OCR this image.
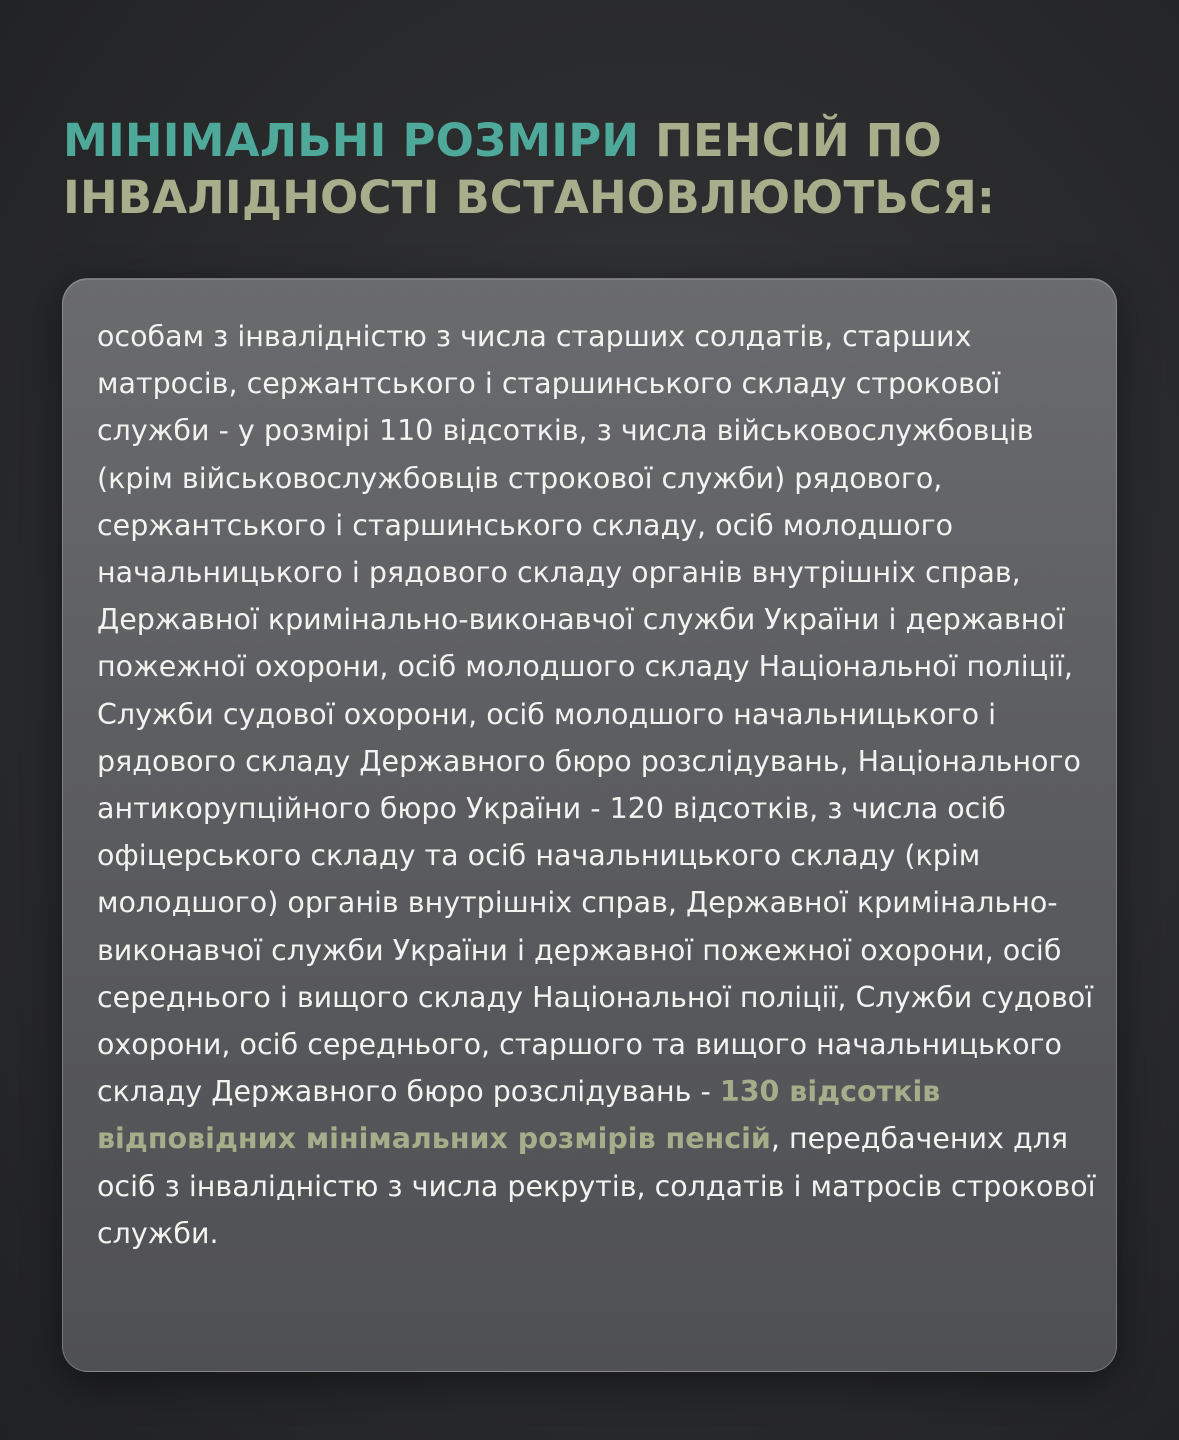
МІНІМАЛЬНІ РОЗМІРИ ПЕНСІЙ ПО ІНВАЛІДНОСТІ ВСТАНОВЛЮЮТЬСЯ:

особам з інвалідністю з числа старших солдатів, старших матросів, сержантського і старшинського складу строкової служби - у розмірі 110 відсотків, з числа військовослужбовців (крім військовослужбовців строкової служби) рядового, сержантського і старшинського складу, осіб молодшого начальницького і рядового складу органів внутрішніх справ, Державної кримінально-виконавчої служби України і державної пожежної охорони, осіб молодшого складу Національної поліції, Служби судової охорони, осіб молодшого начальницького і рядового складу Державного бюро розслідувань, Національного антикорупційного бюро України - 120 відсотків, з числа осіб офіцерського складу та осіб начальницького складу (крім молодшого) органів внутрішніх справ, Державної кримінально-виконавчої служби України і державної пожежної охорони, осіб середнього і вищого складу Національної поліції, Служби судової охорони, осіб середнього, старшого та вищого начальницького складу Державного бюро розслідувань - 130 відсотків відповідних мінімальних розмірів пенсій, передбачених для осіб з інвалідністю з числа рекрутів, солдатів і матросів строкової служби.
